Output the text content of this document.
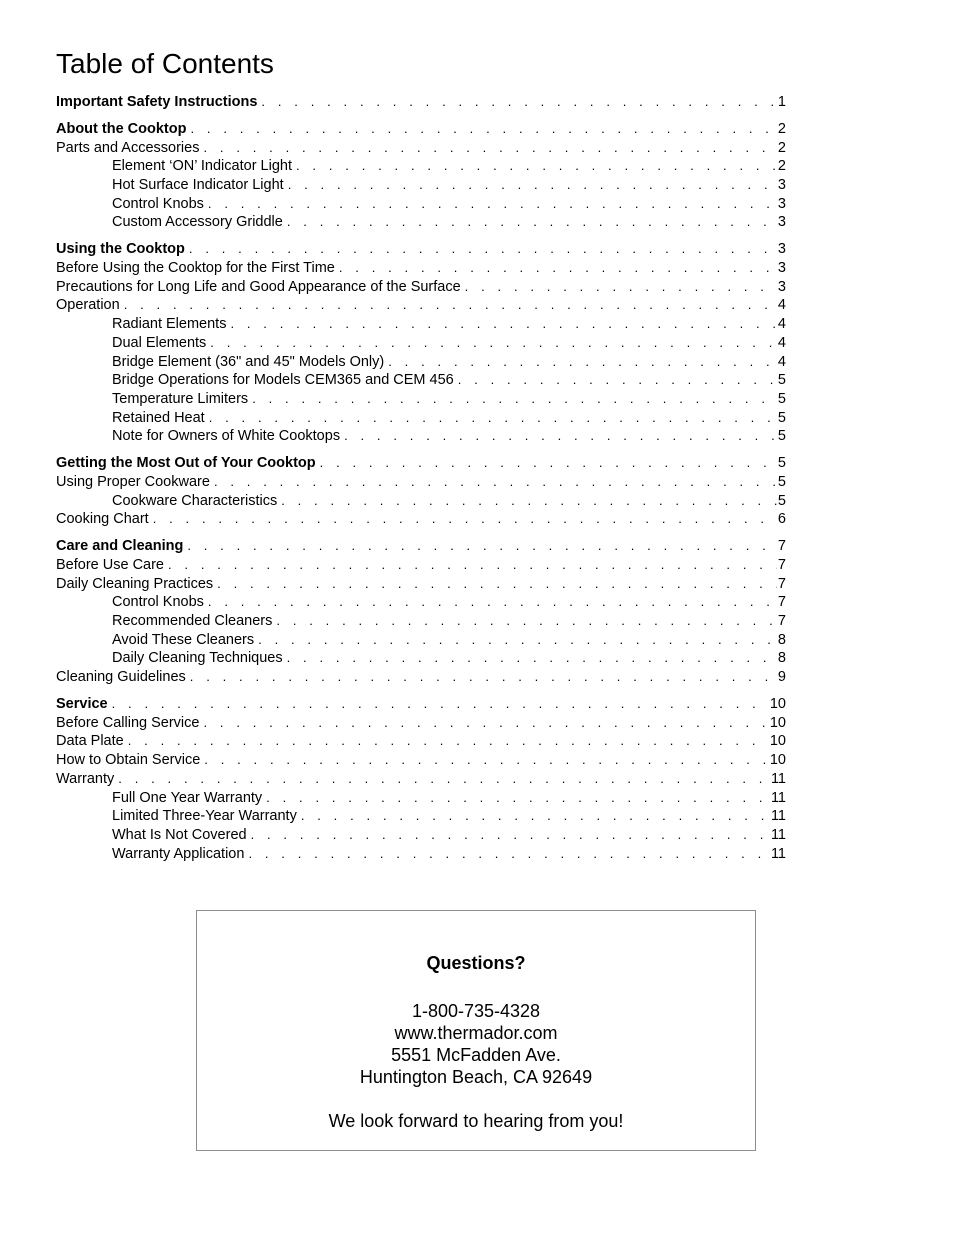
Table of Contents
Important Safety Instructions . . .	1
About the Cooktop . . .	2
Parts and Accessories . . .	2
Element ‘ON’ Indicator Light . . .	2
Hot Surface Indicator Light . . .	3
Control Knobs . . .	3
Custom Accessory Griddle . . .	3
Using the Cooktop . . .	3
Before Using the Cooktop for the First Time . . .	3
Precautions for Long Life and Good Appearance of the Surface . . .	3
Operation . . .	4
Radiant Elements . . .	4
Dual Elements . . .	4
Bridge Element (36" and 45" Models Only) . . .	4
Bridge Operations for Models CEM365 and CEM 456 . . .	5
Temperature Limiters . . .	5
Retained Heat . . .	5
Note for Owners of White Cooktops . . .	5
Getting the Most Out of Your Cooktop . . .	5
Using Proper Cookware . . .	5
Cookware Characteristics . . .	5
Cooking Chart . . .	6
Care and Cleaning . . .	7
Before Use Care . . .	7
Daily Cleaning Practices . . .	7
Control Knobs . . .	7
Recommended Cleaners . . .	7
Avoid These Cleaners . . .	8
Daily Cleaning Techniques . . .	8
Cleaning Guidelines . . .	9
Service . . .	10
Before Calling Service . . .	10
Data Plate . . .	10
How to Obtain Service . . .	10
Warranty . . .	11
Full One Year Warranty . . .	11
Limited Three-Year Warranty . . .	11
What Is Not Covered . . .	11
Warranty Application . . .	11
Questions?
1-800-735-4328
www.thermador.com
5551 McFadden Ave.
Huntington Beach, CA 92649
We look forward to hearing from you!
